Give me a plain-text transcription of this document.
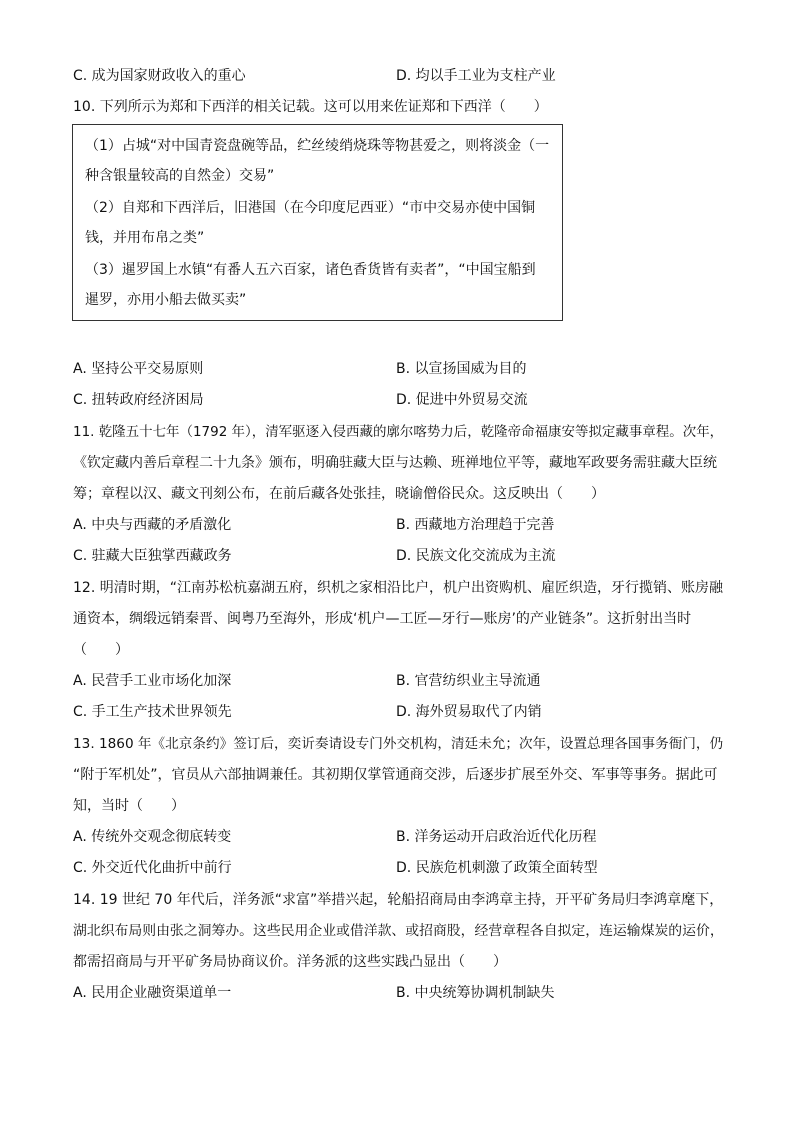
C. 成为国家财政收入的重心	D. 均以手工业为支柱产业
10. 下列所示为郑和下西洋的相关记载。这可以用来佐证郑和下西洋（　　）
（1）占城“对中国青瓷盘碗等品，纻丝绫绡烧珠等物甚爱之，则将淡金（一
种含银量较高的自然金）交易”
（2）自郑和下西洋后，旧港国（在今印度尼西亚）“市中交易亦使中国铜
钱，并用布帛之类”
（3）暹罗国上水镇“有番人五六百家，诸色香货皆有卖者”，“中国宝船到
暹罗，亦用小船去做买卖”
A. 坚持公平交易原则	B. 以宣扬国威为目的
C. 扭转政府经济困局	D. 促进中外贸易交流
11. 乾隆五十七年（1792 年），清军驱逐入侵西藏的廓尔喀势力后，乾隆帝命福康安等拟定藏事章程。次年，
《钦定藏内善后章程二十九条》颁布，明确驻藏大臣与达赖、班禅地位平等，藏地军政要务需驻藏大臣统
筹；章程以汉、藏文刊刻公布，在前后藏各处张挂，晓谕僧俗民众。这反映出（　　）
A. 中央与西藏的矛盾激化	B. 西藏地方治理趋于完善
C. 驻藏大臣独掌西藏政务	D. 民族文化交流成为主流
12. 明清时期，“江南苏松杭嘉湖五府，织机之家相沿比户，机户出资购机、雇匠织造，牙行揽销、账房融
通资本，绸缎远销秦晋、闽粤乃至海外，形成‘机户—工匠—牙行—账房’的产业链条”。这折射出当时
（　　）
A. 民营手工业市场化加深	B. 官营纺织业主导流通
C. 手工生产技术世界领先	D. 海外贸易取代了内销
13. 1860 年《北京条约》签订后，奕䜣奏请设专门外交机构，清廷未允；次年，设置总理各国事务衙门，仍
“附于军机处”，官员从六部抽调兼任。其初期仅掌管通商交涉，后逐步扩展至外交、军事等事务。据此可
知，当时（　　）
A. 传统外交观念彻底转变	B. 洋务运动开启政治近代化历程
C. 外交近代化曲折中前行	D. 民族危机刺激了政策全面转型
14. 19 世纪 70 年代后，洋务派“求富”举措兴起，轮船招商局由李鸿章主持，开平矿务局归李鸿章麾下，
湖北织布局则由张之洞筹办。这些民用企业或借洋款、或招商股，经营章程各自拟定，连运输煤炭的运价，
都需招商局与开平矿务局协商议价。洋务派的这些实践凸显出（　　）
A. 民用企业融资渠道单一	B. 中央统筹协调机制缺失
